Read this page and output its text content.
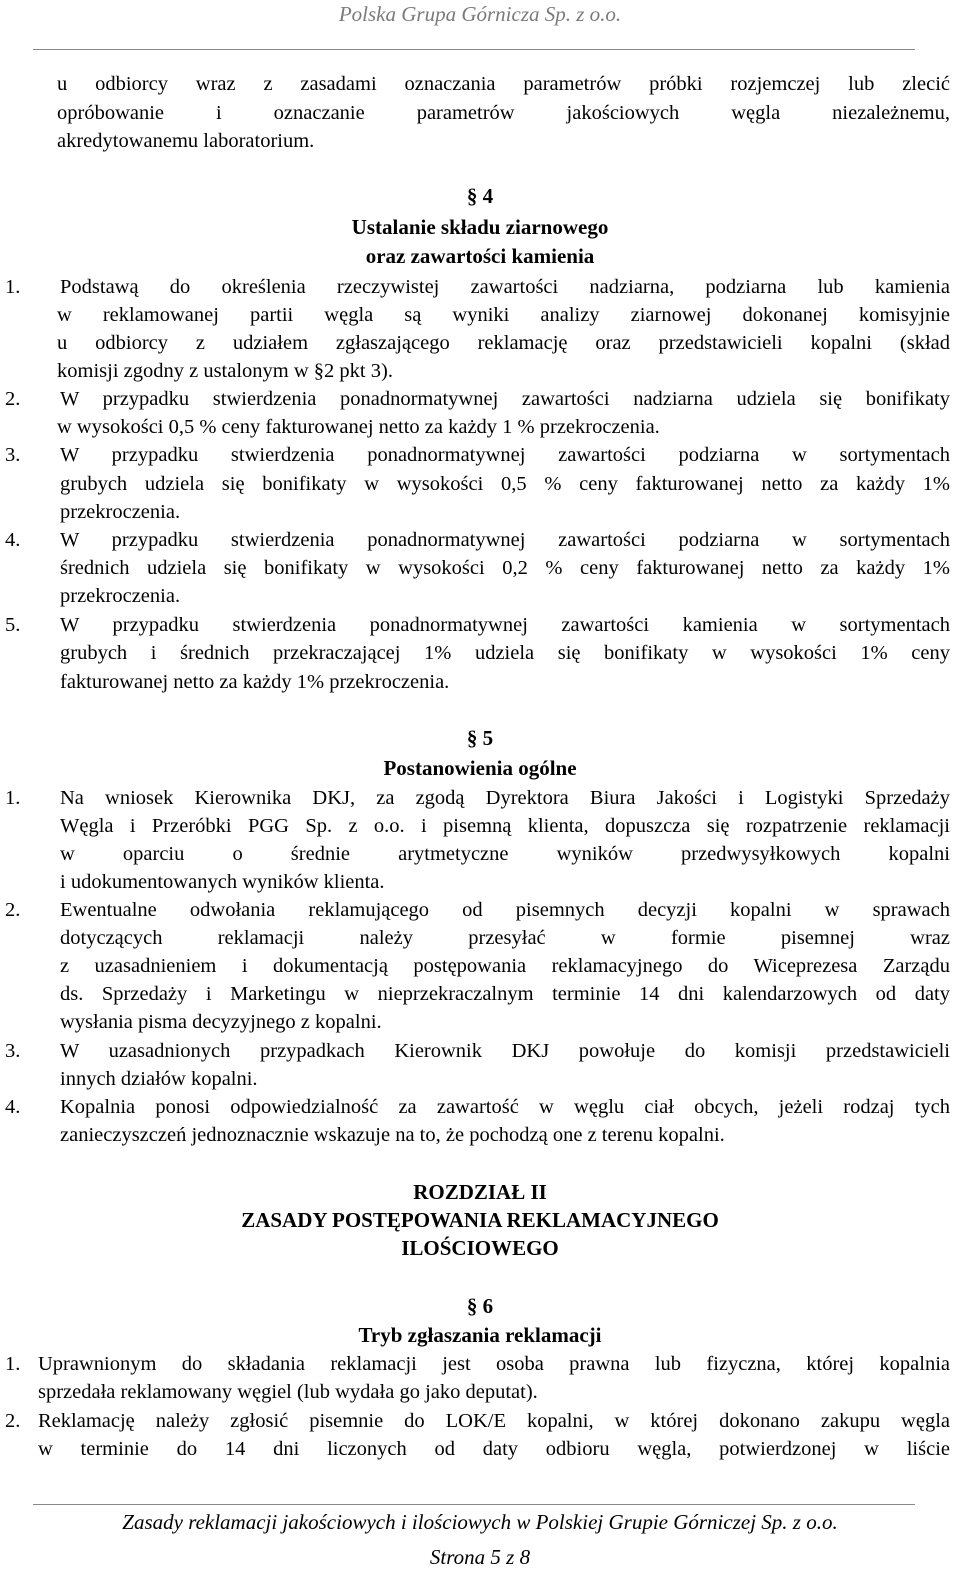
Polska Grupa Górnicza Sp. z o.o.
u odbiorcy wraz z zasadami oznaczania parametrów próbki rozjemczej lub zlecić
opróbowanie i oznaczanie parametrów jakościowych węgla niezależnemu,
akredytowanemu laboratorium.
§ 4
Ustalanie składu ziarnowego
oraz zawartości kamienia
1. Podstawą do określenia rzeczywistej zawartości nadziarna, podziarna lub kamienia
w reklamowanej partii węgla są wyniki analizy ziarnowej dokonanej komisyjnie
u odbiorcy z udziałem zgłaszającego reklamację oraz przedstawicieli kopalni (skład
komisji zgodny z ustalonym w §2 pkt 3).
2. W przypadku stwierdzenia ponadnormatywnej zawartości nadziarna udziela się bonifikaty
w wysokości 0,5 % ceny fakturowanej netto za każdy 1 % przekroczenia.
3. W przypadku stwierdzenia ponadnormatywnej zawartości podziarna w sortymentach
grubych udziela się bonifikaty w wysokości 0,5 % ceny fakturowanej netto za każdy 1%
przekroczenia.
4. W przypadku stwierdzenia ponadnormatywnej zawartości podziarna w sortymentach
średnich udziela się bonifikaty w wysokości 0,2 % ceny fakturowanej netto za każdy 1%
przekroczenia.
5. W przypadku stwierdzenia ponadnormatywnej zawartości kamienia w sortymentach
grubych i średnich przekraczającej 1% udziela się bonifikaty w wysokości 1% ceny
fakturowanej netto za każdy 1% przekroczenia.
§ 5
Postanowienia ogólne
1. Na wniosek Kierownika DKJ, za zgodą Dyrektora Biura Jakości i Logistyki Sprzedaży
Węgla i Przeróbki PGG Sp. z o.o. i pisemną klienta, dopuszcza się rozpatrzenie reklamacji
w oparciu o średnie arytmetyczne wyników przedwysyłkowych kopalni
i udokumentowanych wyników klienta.
2. Ewentualne odwołania reklamującego od pisemnych decyzji kopalni w sprawach
dotyczących reklamacji należy przesyłać w formie pisemnej wraz
z uzasadnieniem i dokumentacją postępowania reklamacyjnego do Wiceprezesa Zarządu
ds. Sprzedaży i Marketingu w nieprzekraczalnym terminie 14 dni kalendarzowych od daty
wysłania pisma decyzyjnego z kopalni.
3. W uzasadnionych przypadkach Kierownik DKJ powołuje do komisji przedstawicieli
innych działów kopalni.
4. Kopalnia ponosi odpowiedzialność za zawartość w węglu ciał obcych, jeżeli rodzaj tych
zanieczyszczeń jednoznacznie wskazuje na to, że pochodzą one z terenu kopalni.
ROZDZIAŁ II
ZASADY POSTĘPOWANIA REKLAMACYJNEGO
ILOŚCIOWEGO
§ 6
Tryb zgłaszania reklamacji
1. Uprawnionym do składania reklamacji jest osoba prawna lub fizyczna, której kopalnia
sprzedała reklamowany węgiel (lub wydała go jako deputat).
2. Reklamację należy zgłosić pisemnie do LOK/E kopalni, w której dokonano zakupu węgla
w terminie do 14 dni liczonych od daty odbioru węgla, potwierdzonej w liście
Zasady reklamacji jakościowych i ilościowych w Polskiej Grupie Górniczej Sp. z o.o.
Strona 5 z 8
